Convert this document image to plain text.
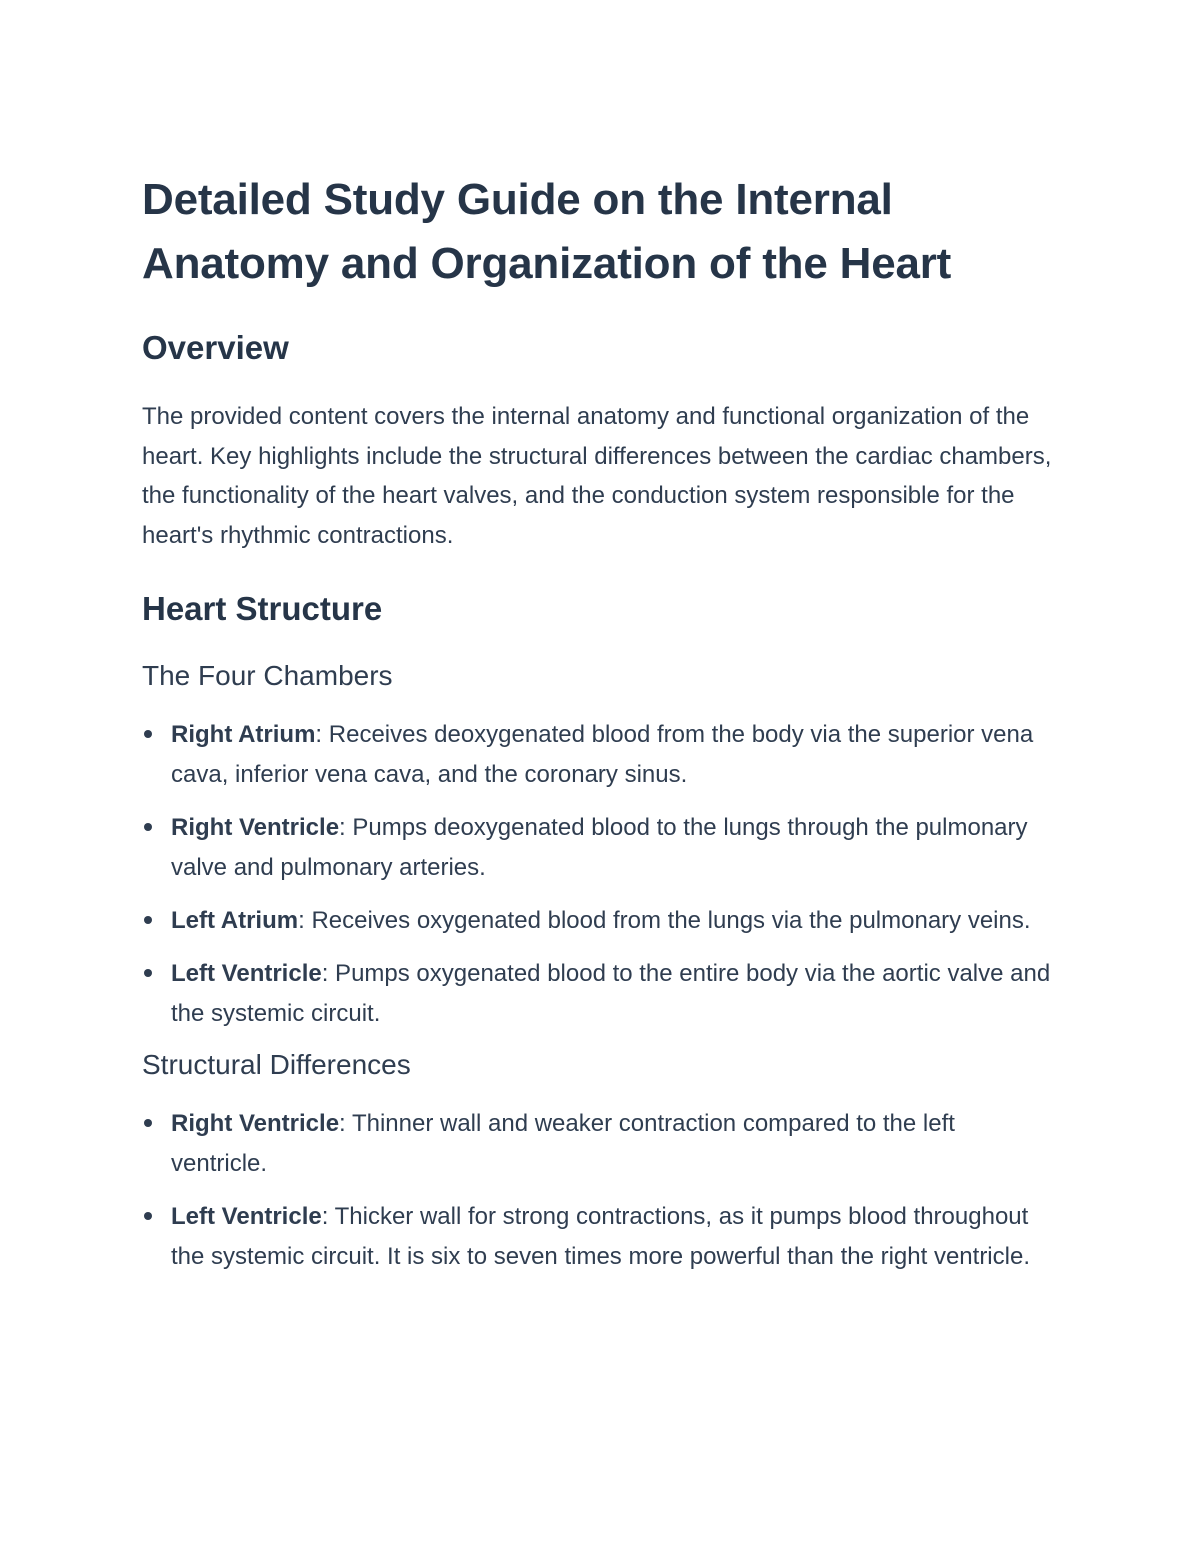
Detailed Study Guide on the Internal Anatomy and Organization of the Heart
Overview

The provided content covers the internal anatomy and functional organization of the heart. Key highlights include the structural differences between the cardiac chambers, the functionality of the heart valves, and the conduction system responsible for the heart's rhythmic contractions.

Heart Structure
The Four Chambers
Right Atrium: Receives deoxygenated blood from the body via the superior vena cava, inferior vena cava, and the coronary sinus.
Right Ventricle: Pumps deoxygenated blood to the lungs through the pulmonary valve and pulmonary arteries.
Left Atrium: Receives oxygenated blood from the lungs via the pulmonary veins.
Left Ventricle: Pumps oxygenated blood to the entire body via the aortic valve and the systemic circuit.
Structural Differences
Right Ventricle: Thinner wall and weaker contraction compared to the left ventricle.
Left Ventricle: Thicker wall for strong contractions, as it pumps blood throughout the systemic circuit. It is six to seven times more powerful than the right ventricle.
